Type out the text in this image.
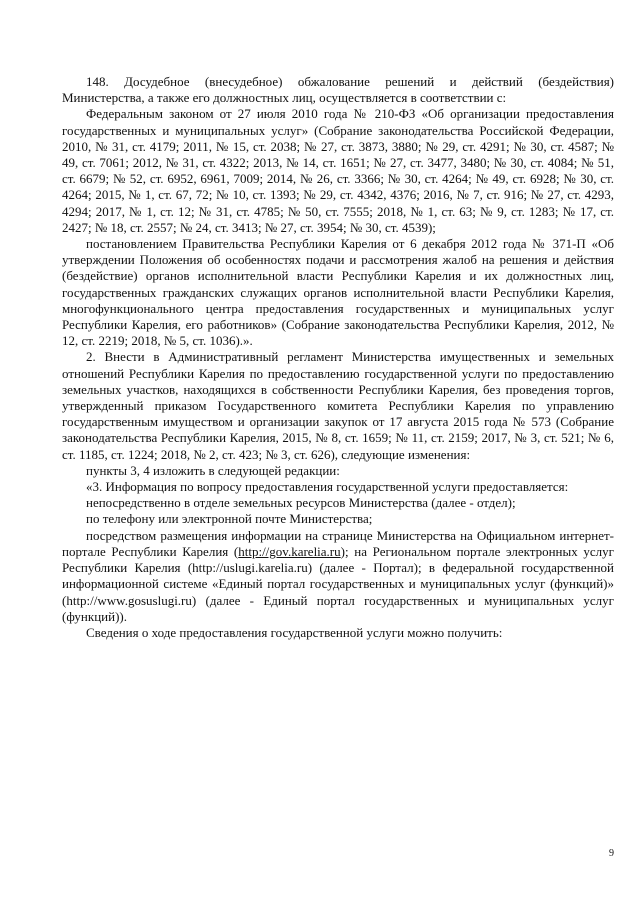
148. Досудебное (внесудебное) обжалование решений и действий (бездействия) Министерства, а также его должностных лиц, осуществляется в соответствии с:

Федеральным законом от 27 июля 2010 года № 210-ФЗ «Об организации предоставления государственных и муниципальных услуг» (Собрание законодательства Российской Федерации, 2010, № 31, ст. 4179; 2011, № 15, ст. 2038; № 27, ст. 3873, 3880; № 29, ст. 4291; № 30, ст. 4587; № 49, ст. 7061; 2012, № 31, ст. 4322; 2013, № 14, ст. 1651; № 27, ст. 3477, 3480; № 30, ст. 4084; № 51, ст. 6679; № 52, ст. 6952, 6961, 7009; 2014, № 26, ст. 3366; № 30, ст. 4264; № 49, ст. 6928; № 30, ст. 4264; 2015, № 1, ст. 67, 72; № 10, ст. 1393; № 29, ст. 4342, 4376; 2016, № 7, ст. 916; № 27, ст. 4293, 4294; 2017, № 1, ст. 12; № 31, ст. 4785; № 50, ст. 7555; 2018, № 1, ст. 63; № 9, ст. 1283; № 17, ст. 2427; № 18, ст. 2557; № 24, ст. 3413; № 27, ст. 3954; № 30, ст. 4539);

постановлением Правительства Республики Карелия от 6 декабря 2012 года № 371-П «Об утверждении Положения об особенностях подачи и рассмотрения жалоб на решения и действия (бездействие) органов исполнительной власти Республики Карелия и их должностных лиц, государственных гражданских служащих органов исполнительной власти Республики Карелия, многофункционального центра предоставления государственных и муниципальных услуг Республики Карелия, его работников» (Собрание законодательства Республики Карелия, 2012, № 12, ст. 2219; 2018, № 5, ст. 1036).».

2. Внести в Административный регламент Министерства имущественных и земельных отношений Республики Карелия по предоставлению государственной услуги по предоставлению земельных участков, находящихся в собственности Республики Карелия, без проведения торгов, утвержденный приказом Государственного комитета Республики Карелия по управлению государственным имуществом и организации закупок от 17 августа 2015 года № 573 (Собрание законодательства Республики Карелия, 2015, № 8, ст. 1659; № 11, ст. 2159; 2017, № 3, ст. 521; № 6, ст. 1185, ст. 1224; 2018, № 2, ст. 423; № 3, ст. 626), следующие изменения:

пункты 3, 4 изложить в следующей редакции:

«3. Информация по вопросу предоставления государственной услуги предоставляется:

непосредственно в отделе земельных ресурсов Министерства (далее - отдел);

по телефону или электронной почте Министерства;

посредством размещения информации на странице Министерства на Официальном интернет-портале Республики Карелия (http://gov.karelia.ru); на Региональном портале электронных услуг Республики Карелия (http://uslugi.karelia.ru) (далее - Портал); в федеральной государственной информационной системе «Единый портал государственных и муниципальных услуг (функций)» (http://www.gosuslugi.ru) (далее - Единый портал государственных и муниципальных услуг (функций)).

Сведения о ходе предоставления государственной услуги можно получить:

9
